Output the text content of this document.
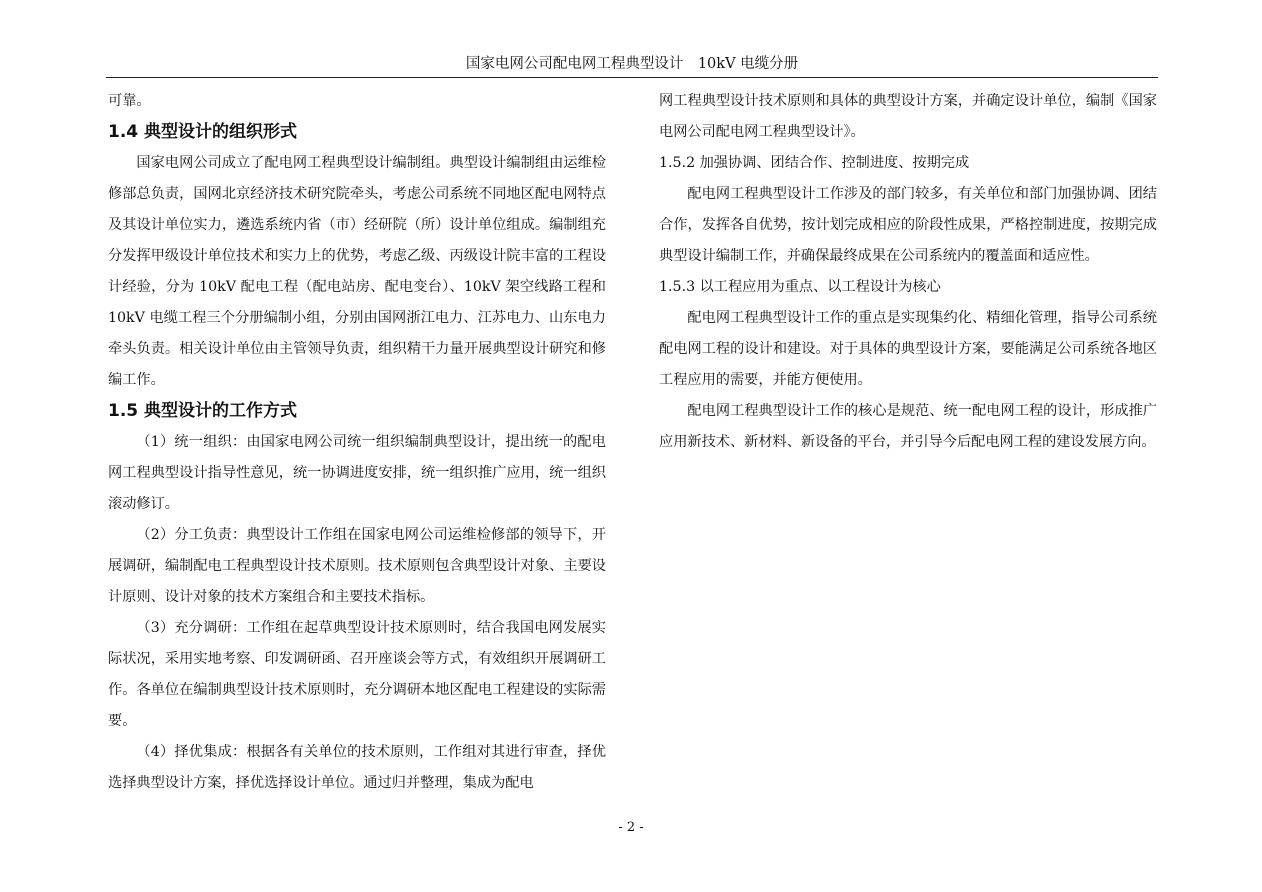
国家电网公司配电网工程典型设计　10kV 电缆分册

可靠。

1.4 典型设计的组织形式

国家电网公司成立了配电网工程典型设计编制组。典型设计编制组由运维检修部总负责，国网北京经济技术研究院牵头，考虑公司系统不同地区配电网特点及其设计单位实力，遴选系统内省（市）经研院（所）设计单位组成。编制组充分发挥甲级设计单位技术和实力上的优势，考虑乙级、丙级设计院丰富的工程设计经验，分为 10kV 配电工程（配电站房、配电变台）、10kV 架空线路工程和 10kV 电缆工程三个分册编制小组，分别由国网浙江电力、江苏电力、山东电力牵头负责。相关设计单位由主管领导负责，组织精干力量开展典型设计研究和修编工作。

1.5 典型设计的工作方式

（1）统一组织：由国家电网公司统一组织编制典型设计，提出统一的配电网工程典型设计指导性意见，统一协调进度安排，统一组织推广应用，统一组织滚动修订。

（2）分工负责：典型设计工作组在国家电网公司运维检修部的领导下，开展调研，编制配电工程典型设计技术原则。技术原则包含典型设计对象、主要设计原则、设计对象的技术方案组合和主要技术指标。

（3）充分调研：工作组在起草典型设计技术原则时，结合我国电网发展实际状况，采用实地考察、印发调研函、召开座谈会等方式，有效组织开展调研工作。各单位在编制典型设计技术原则时，充分调研本地区配电工程建设的实际需要。

（4）择优集成：根据各有关单位的技术原则，工作组对其进行审查，择优选择典型设计方案，择优选择设计单位。通过归并整理，集成为配电

网工程典型设计技术原则和具体的典型设计方案，并确定设计单位，编制《国家电网公司配电网工程典型设计》。

1.5.2 加强协调、团结合作、控制进度、按期完成

配电网工程典型设计工作涉及的部门较多，有关单位和部门加强协调、团结合作，发挥各自优势，按计划完成相应的阶段性成果，严格控制进度，按期完成典型设计编制工作，并确保最终成果在公司系统内的覆盖面和适应性。

1.5.3 以工程应用为重点、以工程设计为核心

配电网工程典型设计工作的重点是实现集约化、精细化管理，指导公司系统配电网工程的设计和建设。对于具体的典型设计方案，要能满足公司系统各地区工程应用的需要，并能方便使用。

配电网工程典型设计工作的核心是规范、统一配电网工程的设计，形成推广应用新技术、新材料、新设备的平台，并引导今后配电网工程的建设发展方向。

- 2 -
